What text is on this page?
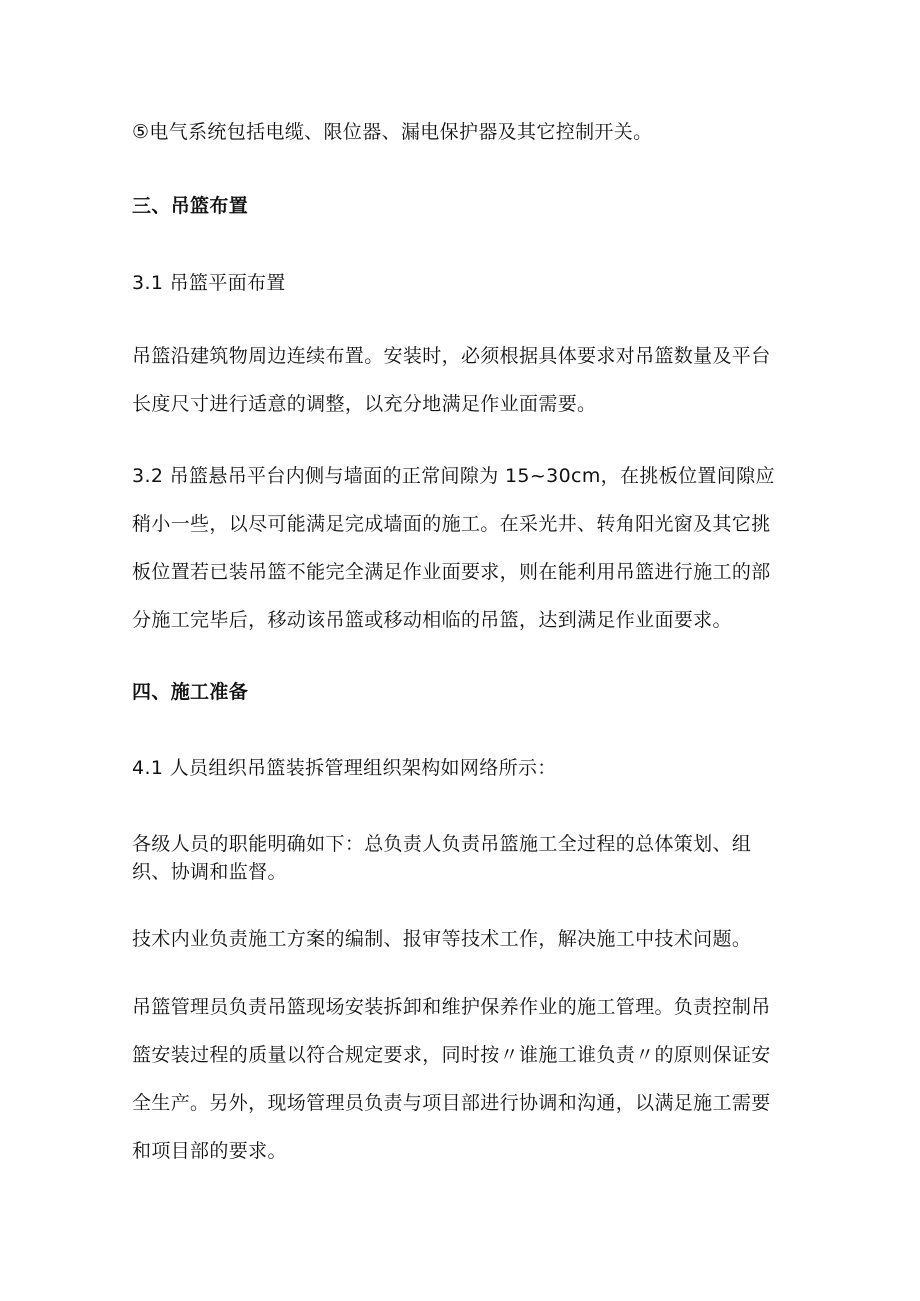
⑤电气系统包括电缆、限位器、漏电保护器及其它控制开关。
三、吊篮布置
3.1 吊篮平面布置
吊篮沿建筑物周边连续布置。安装时，必须根据具体要求对吊篮数量及平台
长度尺寸进行适意的调整，以充分地满足作业面需要。
3.2 吊篮悬吊平台内侧与墙面的正常间隙为 15~30cm，在挑板位置间隙应
稍小一些，以尽可能满足完成墙面的施工。在采光井、转角阳光窗及其它挑
板位置若已装吊篮不能完全满足作业面要求，则在能利用吊篮进行施工的部
分施工完毕后，移动该吊篮或移动相临的吊篮，达到满足作业面要求。
四、施工准备
4.1 人员组织吊篮装拆管理组织架构如网络所示：
各级人员的职能明确如下：总负责人负责吊篮施工全过程的总体策划、组
织、协调和监督。
技术内业负责施工方案的编制、报审等技术工作，解决施工中技术问题。
吊篮管理员负责吊篮现场安装拆卸和维护保养作业的施工管理。负责控制吊
篮安装过程的质量以符合规定要求，同时按〃谁施工谁负责〃的原则保证安
全生产。另外，现场管理员负责与项目部进行协调和沟通，以满足施工需要
和项目部的要求。
